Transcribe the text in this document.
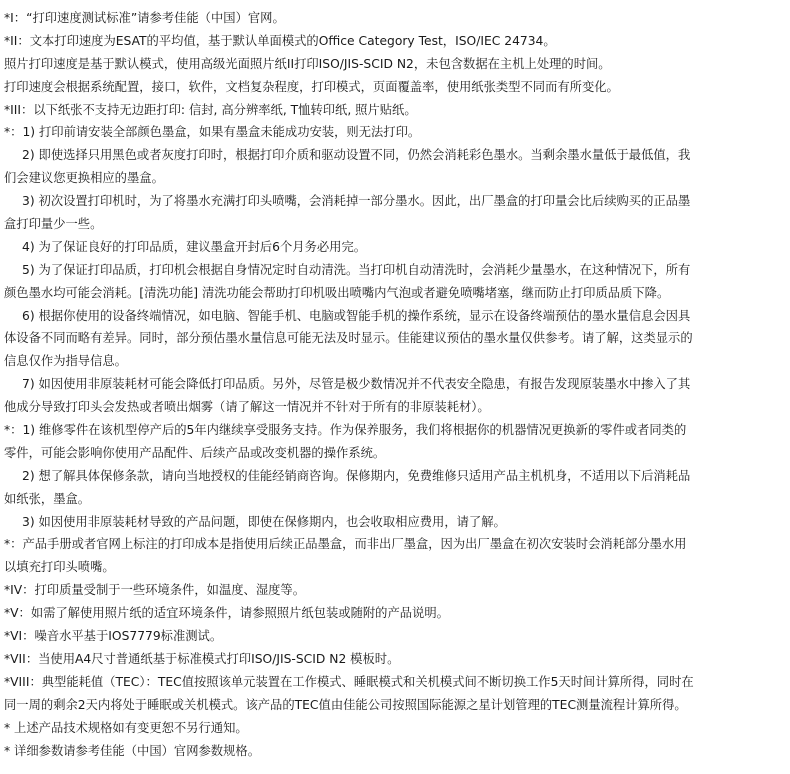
*I：“打印速度测试标准”请参考佳能（中国）官网。
*II：文本打印速度为ESAT的平均值，基于默认单面模式的Office Category Test，ISO/IEC 24734。
照片打印速度是基于默认模式，使用高级光面照片纸II打印ISO/JIS-SCID N2，未包含数据在主机上处理的时间。
打印速度会根据系统配置，接口，软件，文档复杂程度，打印模式，页面覆盖率，使用纸张类型不同而有所变化。
*III：以下纸张不支持无边距打印: 信封, 高分辨率纸, T恤转印纸, 照片贴纸。
*：1) 打印前请安装全部颜色墨盒，如果有墨盒未能成功安装，则无法打印。
2) 即使选择只用黑色或者灰度打印时，根据打印介质和驱动设置不同，仍然会消耗彩色墨水。当剩余墨水量低于最低值，我
们会建议您更换相应的墨盒。
3) 初次设置打印机时，为了将墨水充满打印头喷嘴，会消耗掉一部分墨水。因此，出厂墨盒的打印量会比后续购买的正品墨
盒打印量少一些。
4) 为了保证良好的打印品质，建议墨盒开封后6个月务必用完。
5) 为了保证打印品质，打印机会根据自身情况定时自动清洗。当打印机自动清洗时，会消耗少量墨水，在这种情况下，所有
颜色墨水均可能会消耗。[清洗功能] 清洗功能会帮助打印机吸出喷嘴内气泡或者避免喷嘴堵塞，继而防止打印质品质下降。
6) 根据你使用的设备终端情况，如电脑、智能手机、电脑或智能手机的操作系统，显示在设备终端预估的墨水量信息会因具
体设备不同而略有差异。同时，部分预估墨水量信息可能无法及时显示。佳能建议预估的墨水量仅供参考。请了解，这类显示的
信息仅作为指导信息。
7) 如因使用非原装耗材可能会降低打印品质。另外，尽管是极少数情况并不代表安全隐患，有报告发现原装墨水中掺入了其
他成分导致打印头会发热或者喷出烟雾（请了解这一情况并不针对于所有的非原装耗材）。
*：1) 维修零件在该机型停产后的5年内继续享受服务支持。作为保养服务，我们将根据你的机器情况更换新的零件或者同类的
零件，可能会影响你使用产品配件、后续产品或改变机器的操作系统。
2) 想了解具体保修条款，请向当地授权的佳能经销商咨询。保修期内，免费维修只适用产品主机机身，不适用以下后消耗品
如纸张，墨盒。
3) 如因使用非原装耗材导致的产品问题，即使在保修期内，也会收取相应费用，请了解。
*：产品手册或者官网上标注的打印成本是指使用后续正品墨盒，而非出厂墨盒，因为出厂墨盒在初次安装时会消耗部分墨水用
以填充打印头喷嘴。
*IV：打印质量受制于一些环境条件，如温度、湿度等。
*V：如需了解使用照片纸的适宜环境条件，请参照照片纸包装或随附的产品说明。
*VI：噪音水平基于IOS7779标准测试。
*VII：当使用A4尺寸普通纸基于标准模式打印ISO/JIS-SCID N2 模板时。
*VIII：典型能耗值（TEC）：TEC值按照该单元装置在工作模式、睡眠模式和关机模式间不断切换工作5天时间计算所得，同时在
同一周的剩余2天内将处于睡眠或关机模式。该产品的TEC值由佳能公司按照国际能源之星计划管理的TEC测量流程计算所得。
* 上述产品技术规格如有变更恕不另行通知。
* 详细参数请参考佳能（中国）官网参数规格。
